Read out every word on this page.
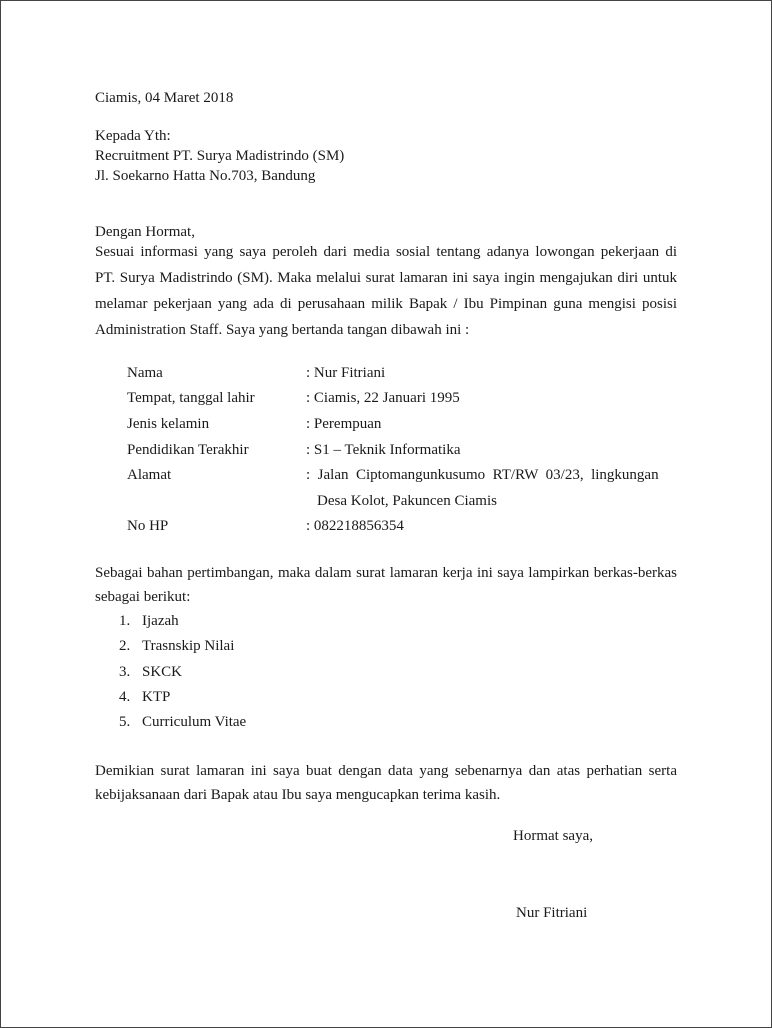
Ciamis, 04 Maret 2018
Kepada Yth:
Recruitment PT. Surya Madistrindo (SM)
Jl. Soekarno Hatta No.703, Bandung
Dengan Hormat,
Sesuai informasi yang saya peroleh dari media sosial tentang adanya lowongan pekerjaan di
PT. Surya Madistrindo (SM). Maka melalui surat lamaran ini saya ingin mengajukan diri untuk
melamar pekerjaan yang ada di perusahaan milik Bapak / Ibu Pimpinan guna mengisi posisi
Administration Staff. Saya yang bertanda tangan dibawah ini :
Nama	: Nur Fitriani
Tempat, tanggal lahir	: Ciamis, 22 Januari 1995
Jenis kelamin	: Perempuan
Pendidikan Terakhir	: S1 – Teknik Informatika
Alamat	:  Jalan  Ciptomangunkusumo  RT/RW  03/23,  lingkungan
Desa Kolot, Pakuncen Ciamis
No HP	: 082218856354
Sebagai bahan pertimbangan, maka dalam surat lamaran kerja ini saya lampirkan berkas-berkas
sebagai berikut:
1. Ijazah
2. Trasnskip Nilai
3. SKCK
4. KTP
5. Curriculum Vitae
Demikian surat lamaran ini saya buat dengan data yang sebenarnya dan atas perhatian serta
kebijaksanaan dari Bapak atau Ibu saya mengucapkan terima kasih.
Hormat saya,
Nur Fitriani
